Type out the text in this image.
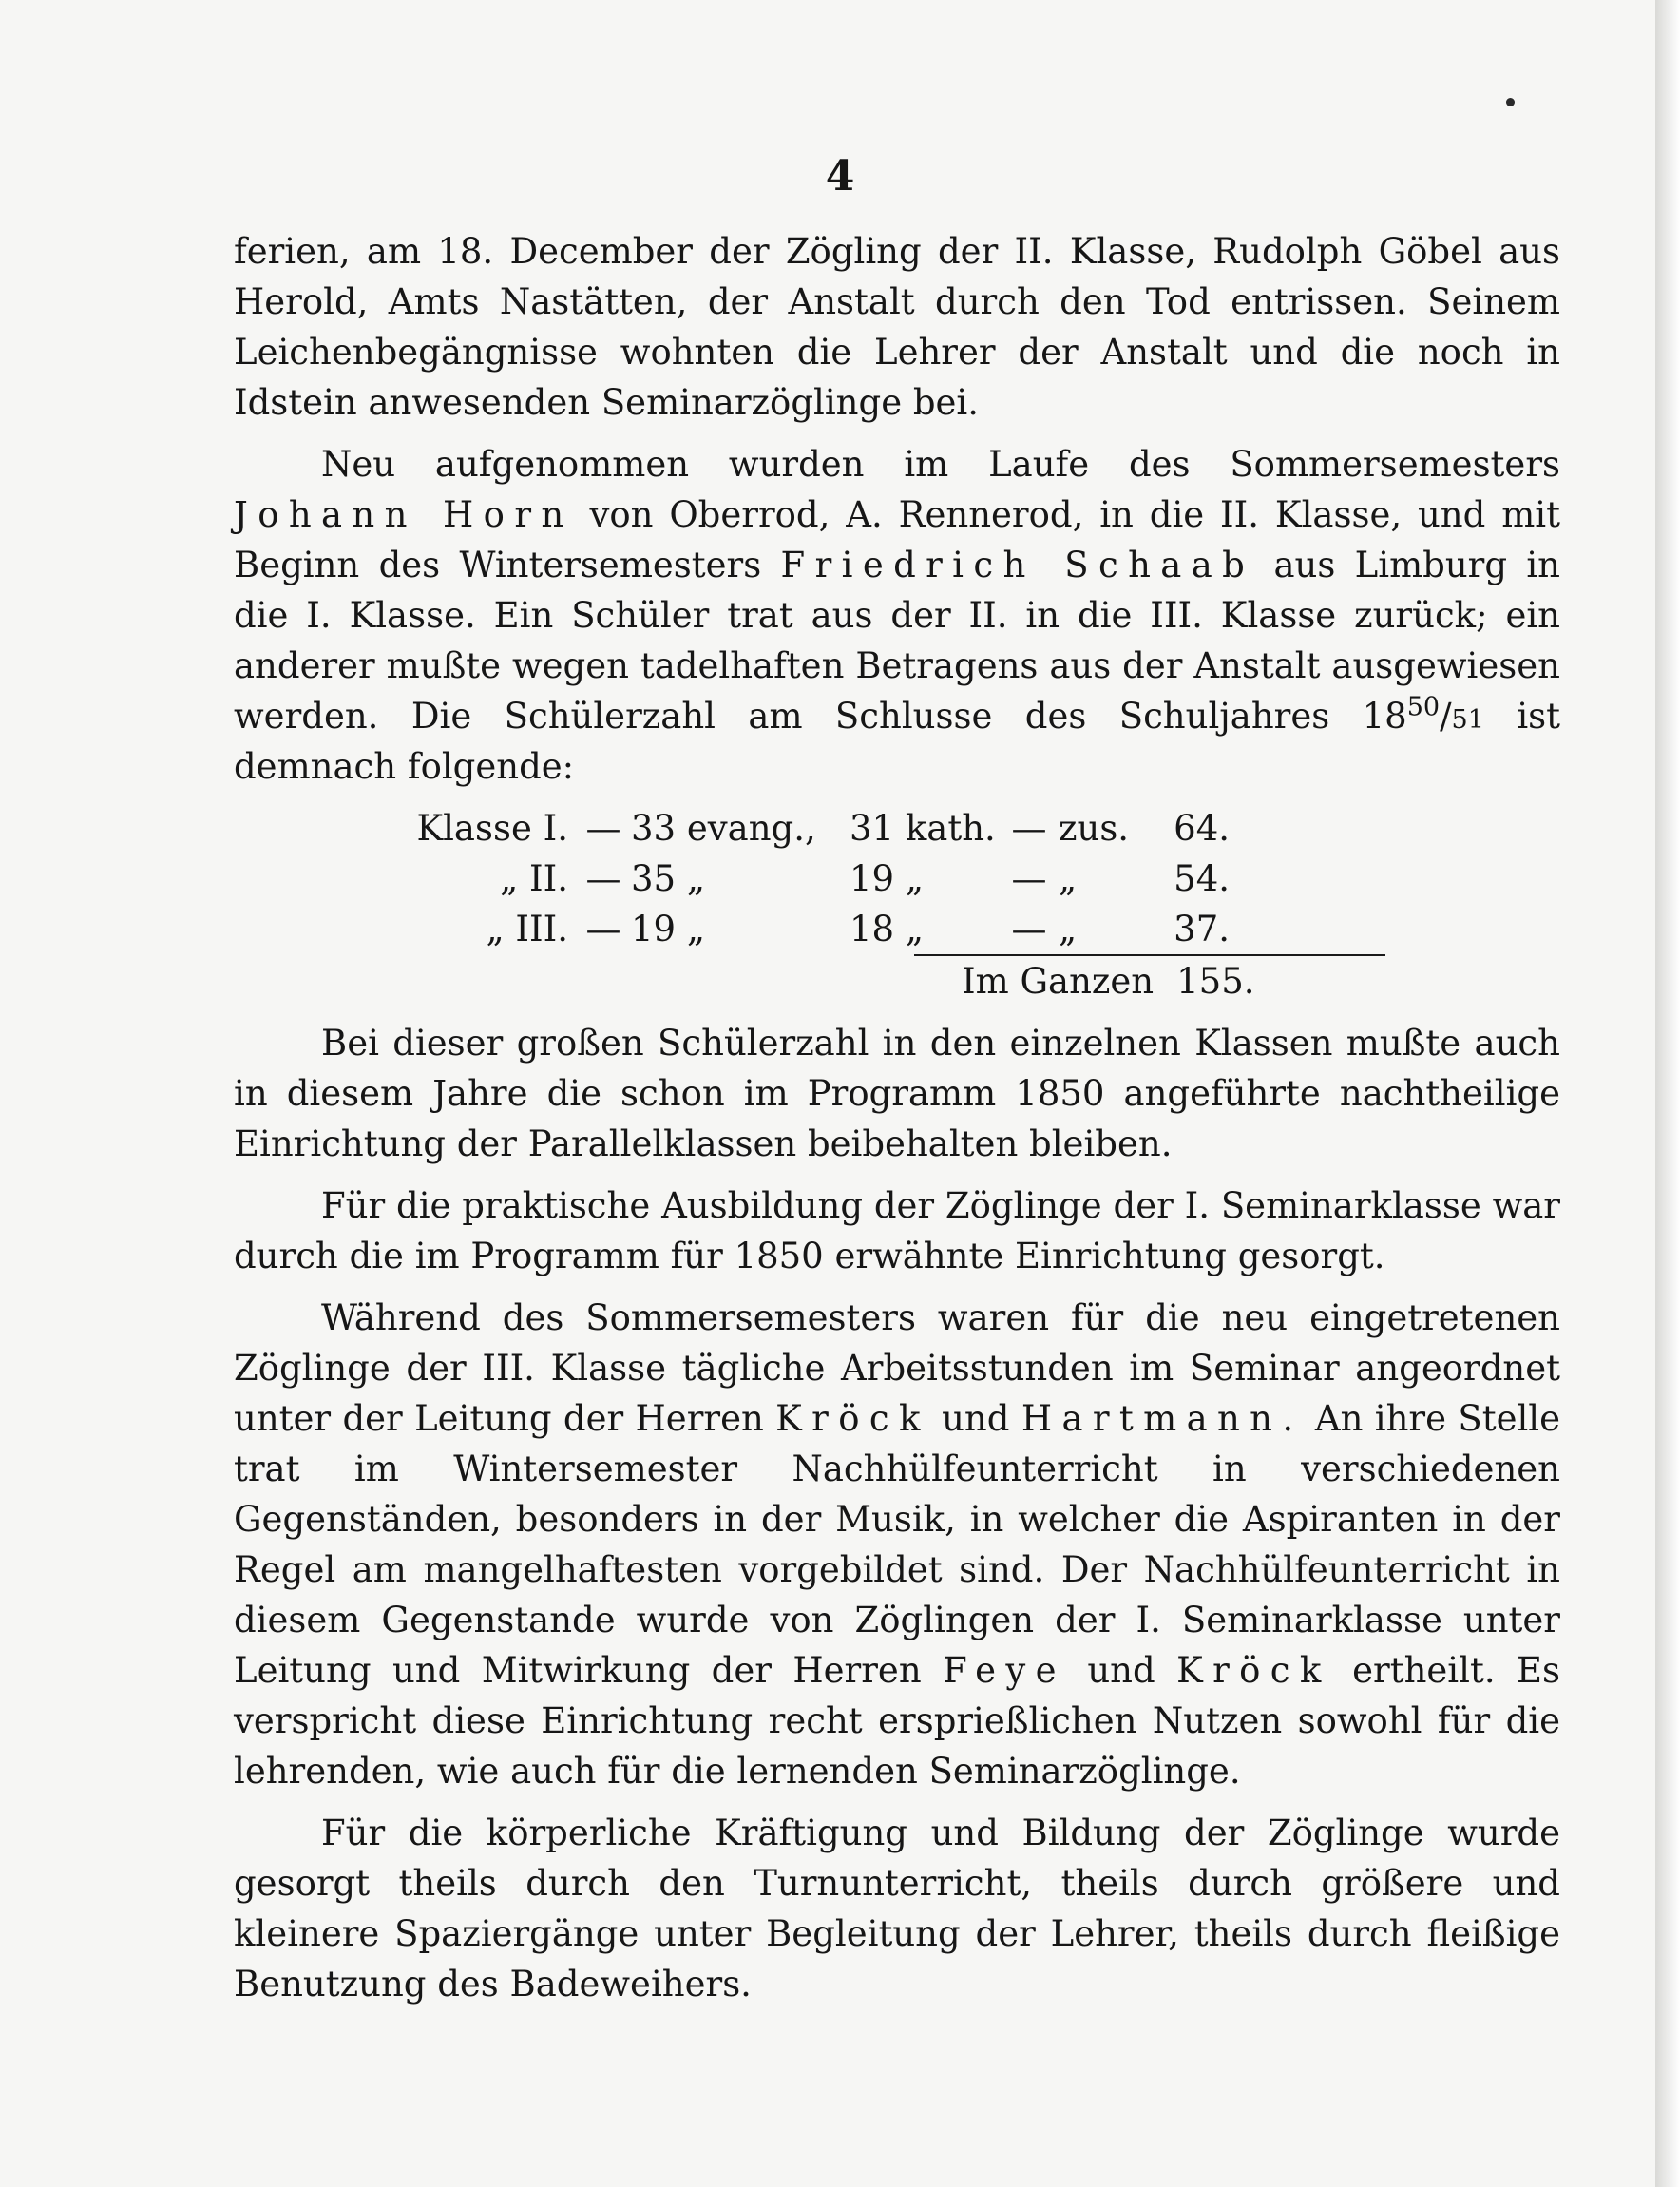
4

ferien, am 18. December der Zögling der II. Klasse, Rudolph Göbel aus Herold, Amts Nastätten, der Anstalt durch den Tod entrissen. Seinem Leichenbegängnisse wohnten die Lehrer der Anstalt und die noch in Idstein anwesenden Seminarzöglinge bei.

Neu aufgenommen wurden im Laufe des Sommersemesters Johann Horn von Oberrod, A. Rennerod, in die II. Klasse, und mit Beginn des Wintersemesters Friedrich Schaab aus Limburg in die I. Klasse. Ein Schüler trat aus der II. in die III. Klasse zurück; ein anderer mußte wegen tadelhaften Betragens aus der Anstalt ausgewiesen werden. Die Schülerzahl am Schlusse des Schuljahres $18^{50}/51$ ist demnach folgende:

Klasse I. — 33 evang., 31 kath. — zus.	64.
„ II. — 35 „	19 „	— „	54.
„ III. — 19 „	18 „	— „	37.
Im Ganzen 155.

Bei dieser großen Schülerzahl in den einzelnen Klassen mußte auch in diesem Jahre die schon im Programm 1850 angeführte nachtheilige Einrichtung der Parallelklassen beibehalten bleiben.

Für die praktische Ausbildung der Zöglinge der I. Seminarklasse war durch die im Programm für 1850 erwähnte Einrichtung gesorgt.

Während des Sommersemesters waren für die neu eingetretenen Zöglinge der III. Klasse tägliche Arbeitsstunden im Seminar angeordnet unter der Leitung der Herren Kröck und Hartmann. An ihre Stelle trat im Wintersemester Nachhülfeunterricht in verschiedenen Gegenständen, besonders in der Musik, in welcher die Aspiranten in der Regel am mangelhaftesten vorgebildet sind. Der Nachhülfeunterricht in diesem Gegenstande wurde von Zöglingen der I. Seminarklasse unter Leitung und Mitwirkung der Herren Feye und Kröck ertheilt. Es verspricht diese Einrichtung recht ersprießlichen Nutzen sowohl für die lehrenden, wie auch für die lernenden Seminarzöglinge.

Für die körperliche Kräftigung und Bildung der Zöglinge wurde gesorgt theils durch den Turnunterricht, theils durch größere und kleinere Spaziergänge unter Begleitung der Lehrer, theils durch fleißige Benutzung des Badeweihers.
